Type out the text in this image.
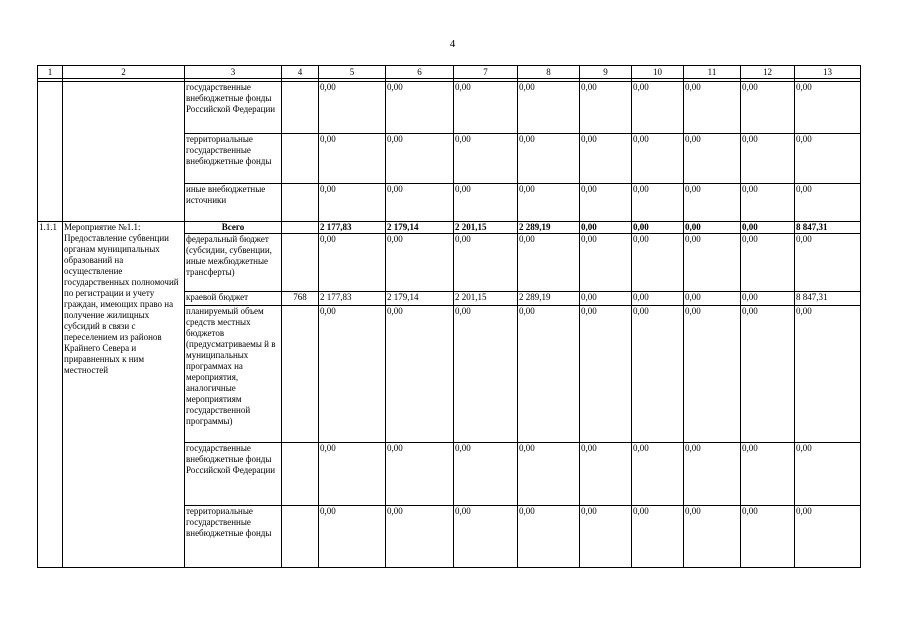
4
1	2	3	4	5	6	7	8	9	10	11	12	13

		государственные внебюджетные фонды Российской Федерации		0,00	0,00	0,00	0,00	0,00	0,00	0,00	0,00	0,00
		территориальные государственные внебюджетные фонды		0,00	0,00	0,00	0,00	0,00	0,00	0,00	0,00	0,00
		иные внебюджетные источники		0,00	0,00	0,00	0,00	0,00	0,00	0,00	0,00	0,00
1.1.1	Мероприятие №1.1: Предоставление субвенции органам муниципальных образований на осуществление государственных полномочий по регистрации и учету граждан, имеющих право на получение жилищных субсидий в связи с переселением из районов Крайнего Севера и приравненных к ним местностей	Всего		2 177,83	2 179,14	2 201,15	2 289,19	0,00	0,00	0,00	0,00	8 847,31
		федеральный бюджет (субсидии, субвенции, иные межбюджетные трансферты)		0,00	0,00	0,00	0,00	0,00	0,00	0,00	0,00	0,00
		краевой бюджет	768	2 177,83	2 179,14	2 201,15	2 289,19	0,00	0,00	0,00	0,00	8 847,31
		планируемый объем средств местных бюджетов (предусматриваемы й в муниципальных программах на мероприятия, аналогичные мероприятиям государственной программы)		0,00	0,00	0,00	0,00	0,00	0,00	0,00	0,00	0,00
		государственные внебюджетные фонды Российской Федерации		0,00	0,00	0,00	0,00	0,00	0,00	0,00	0,00	0,00
		территориальные государственные внебюджетные фонды		0,00	0,00	0,00	0,00	0,00	0,00	0,00	0,00	0,00
